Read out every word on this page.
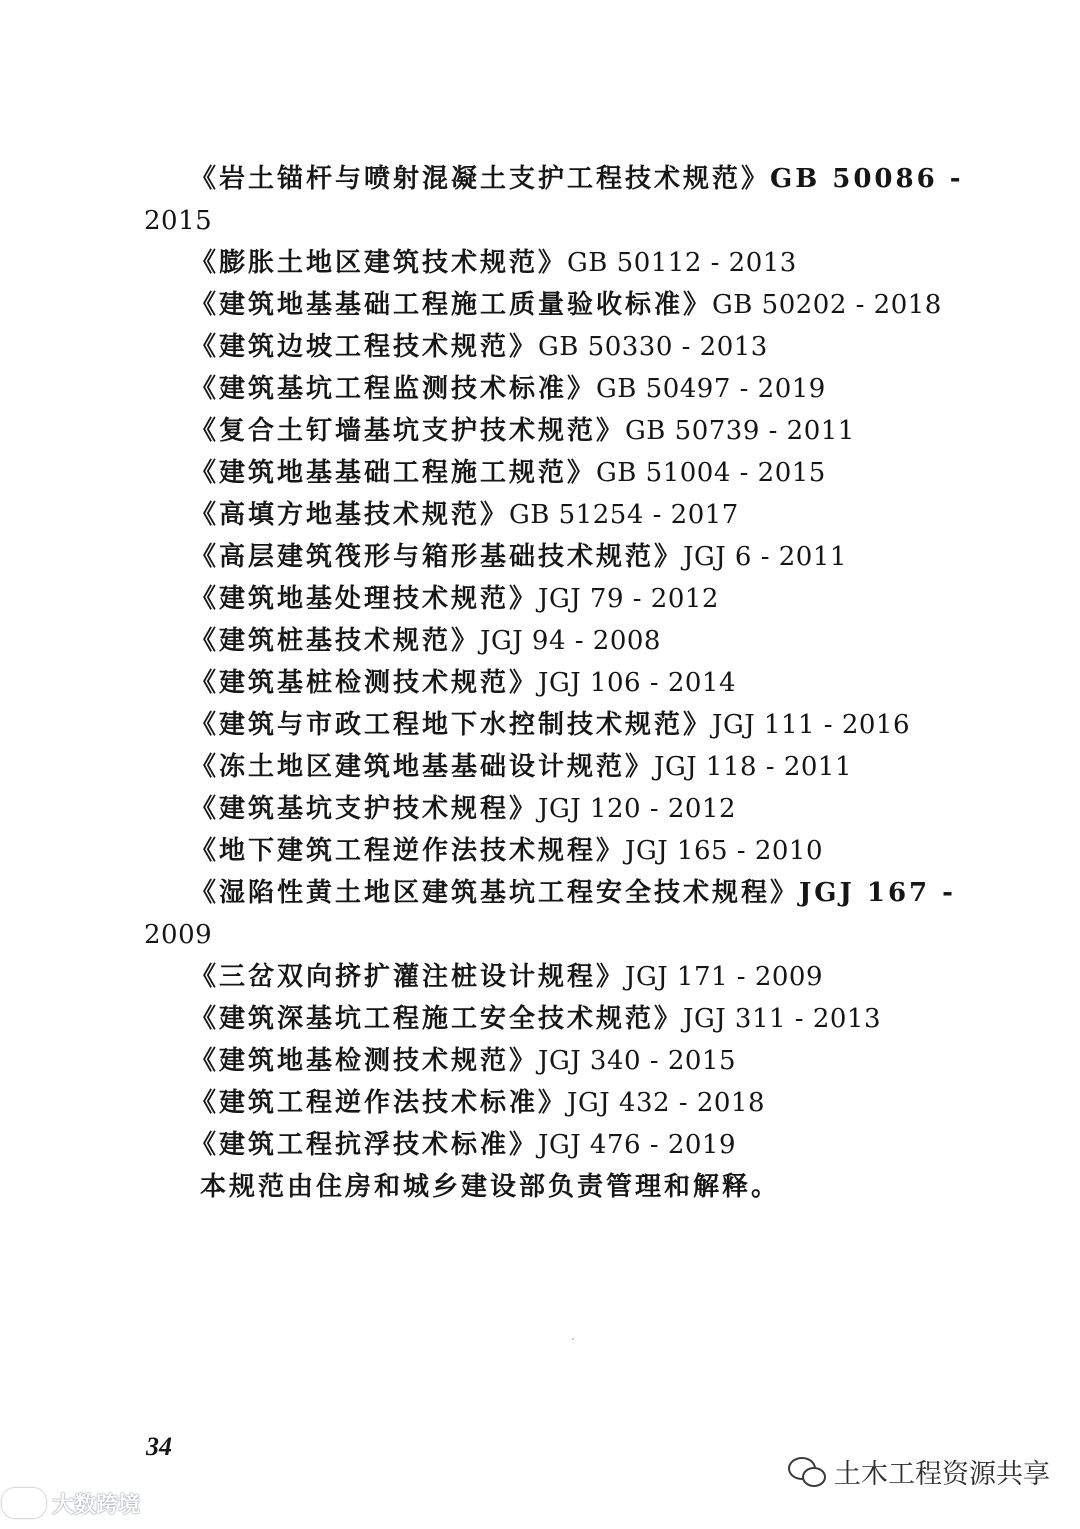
《岩土锚杆与喷射混凝土支护工程技术规范》GB 50086 -
2015
《膨胀土地区建筑技术规范》GB 50112 - 2013
《建筑地基基础工程施工质量验收标准》GB 50202 - 2018
《建筑边坡工程技术规范》GB 50330 - 2013
《建筑基坑工程监测技术标准》GB 50497 - 2019
《复合土钉墙基坑支护技术规范》GB 50739 - 2011
《建筑地基基础工程施工规范》GB 51004 - 2015
《高填方地基技术规范》GB 51254 - 2017
《高层建筑筏形与箱形基础技术规范》JGJ 6 - 2011
《建筑地基处理技术规范》JGJ 79 - 2012
《建筑桩基技术规范》JGJ 94 - 2008
《建筑基桩检测技术规范》JGJ 106 - 2014
《建筑与市政工程地下水控制技术规范》JGJ 111 - 2016
《冻土地区建筑地基基础设计规范》JGJ 118 - 2011
《建筑基坑支护技术规程》JGJ 120 - 2012
《地下建筑工程逆作法技术规程》JGJ 165 - 2010
《湿陷性黄土地区建筑基坑工程安全技术规程》JGJ 167 -
2009
《三岔双向挤扩灌注桩设计规程》JGJ 171 - 2009
《建筑深基坑工程施工安全技术规范》JGJ 311 - 2013
《建筑地基检测技术规范》JGJ 340 - 2015
《建筑工程逆作法技术标准》JGJ 432 - 2018
《建筑工程抗浮技术标准》JGJ 476 - 2019
本规范由住房和城乡建设部负责管理和解释。
34
大数跨境
土木工程资源共享
